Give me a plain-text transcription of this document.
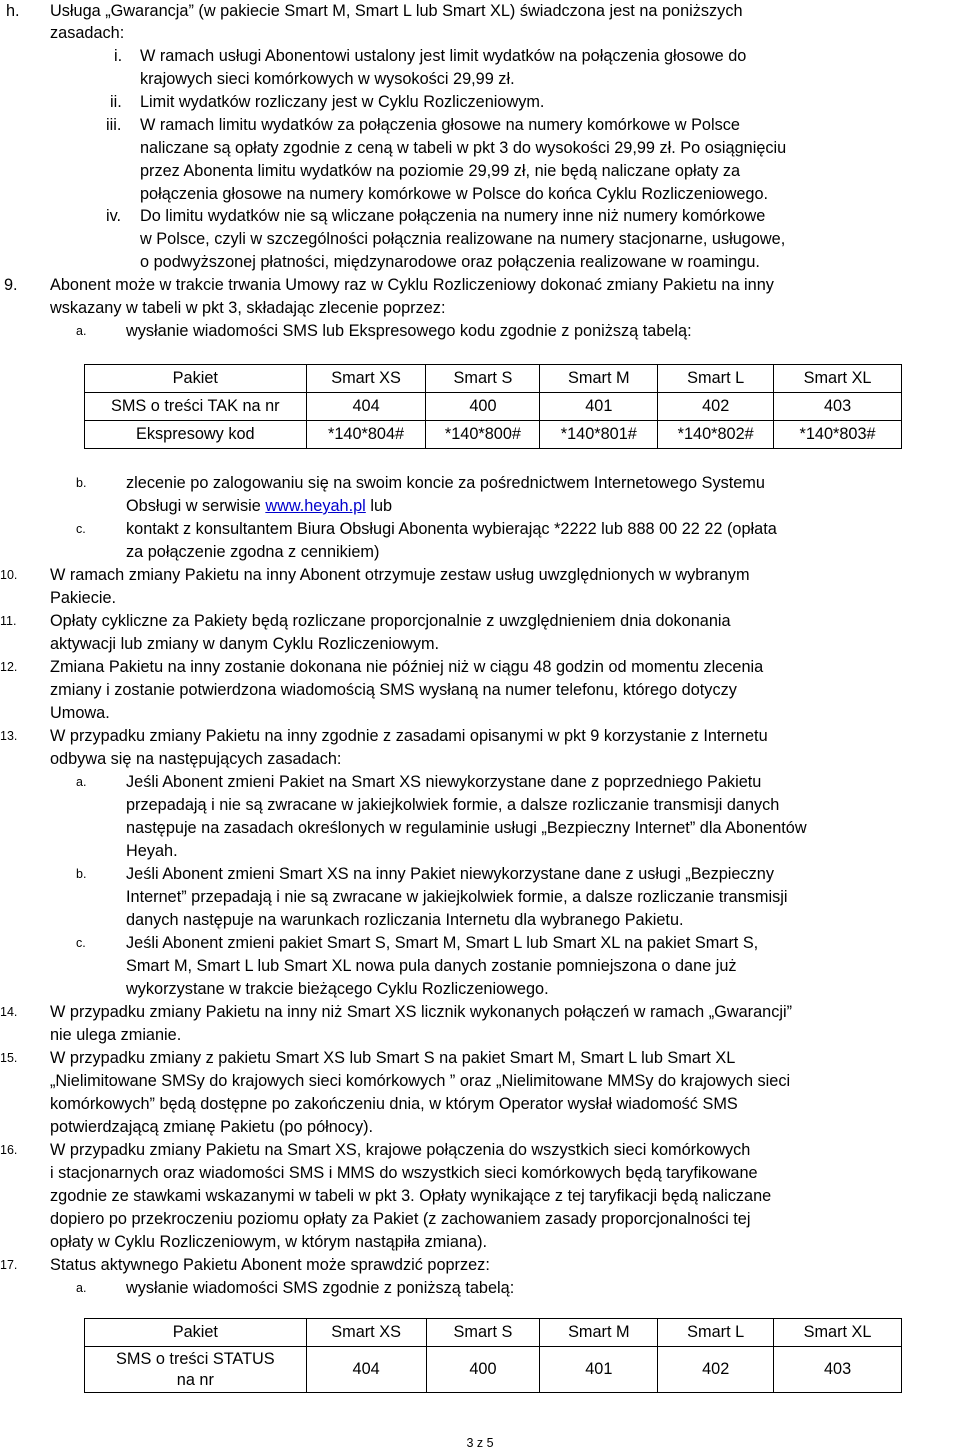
h. Usługa „Gwarancja” (w pakiecie Smart M, Smart L lub Smart XL) świadczona jest na poniższych
zasadach:
i. W ramach usługi Abonentowi ustalony jest limit wydatków na połączenia głosowe do
krajowych sieci komórkowych w wysokości 29,99 zł.
ii. Limit wydatków rozliczany jest w Cyklu Rozliczeniowym.
iii. W ramach limitu wydatków za połączenia głosowe na numery komórkowe w Polsce
naliczane są opłaty zgodnie z ceną w tabeli w pkt 3 do wysokości 29,99 zł. Po osiągnięciu
przez Abonenta limitu wydatków na poziomie 29,99 zł, nie będą naliczane opłaty za
połączenia głosowe na numery komórkowe w Polsce do końca Cyklu Rozliczeniowego.
iv. Do limitu wydatków nie są wliczane połączenia na numery inne niż numery komórkowe
w Polsce, czyli w szczególności połącznia realizowane na numery stacjonarne, usługowe,
o podwyższonej płatności, międzynarodowe oraz połączenia realizowane w roamingu.
9. Abonent może w trakcie trwania Umowy raz w Cyklu Rozliczeniowy dokonać zmiany Pakietu na inny
wskazany w tabeli w pkt 3, składając zlecenie poprzez:
a. wysłanie wiadomości SMS lub Ekspresowego kodu zgodnie z poniższą tabelą:
Pakiet	Smart XS	Smart S	Smart M	Smart L	Smart XL
SMS o treści TAK na nr	404	400	401	402	403
Ekspresowy kod	*140*804#	*140*800#	*140*801#	*140*802#	*140*803#
b. zlecenie po zalogowaniu się na swoim koncie za pośrednictwem Internetowego Systemu
Obsługi w serwisie www.heyah.pl lub
c. kontakt z konsultantem Biura Obsługi Abonenta wybierając *2222 lub 888 00 22 22 (opłata
za połączenie zgodna z cennikiem)
10. W ramach zmiany Pakietu na inny Abonent otrzymuje zestaw usług uwzględnionych w wybranym
Pakiecie.
11. Opłaty cykliczne za Pakiety będą rozliczane proporcjonalnie z uwzględnieniem dnia dokonania
aktywacji lub zmiany w danym Cyklu Rozliczeniowym.
12. Zmiana Pakietu na inny zostanie dokonana nie później niż w ciągu 48 godzin od momentu zlecenia
zmiany i zostanie potwierdzona wiadomością SMS wysłaną na numer telefonu, którego dotyczy
Umowa.
13. W przypadku zmiany Pakietu na inny zgodnie z zasadami opisanymi w pkt 9 korzystanie z Internetu
odbywa się na następujących zasadach:
a. Jeśli Abonent zmieni Pakiet na Smart XS niewykorzystane dane z poprzedniego Pakietu
przepadają i nie są zwracane w jakiejkolwiek formie, a dalsze rozliczanie transmisji danych
następuje na zasadach określonych w regulaminie usługi „Bezpieczny Internet” dla Abonentów
Heyah.
b. Jeśli Abonent zmieni Smart XS na inny Pakiet niewykorzystane dane z usługi „Bezpieczny
Internet” przepadają i nie są zwracane w jakiejkolwiek formie, a dalsze rozliczanie transmisji
danych następuje na warunkach rozliczania Internetu dla wybranego Pakietu.
c. Jeśli Abonent zmieni pakiet Smart S, Smart M, Smart L lub Smart XL na pakiet Smart S,
Smart M, Smart L lub Smart XL nowa pula danych zostanie pomniejszona o dane już
wykorzystane w trakcie bieżącego Cyklu Rozliczeniowego.
14. W przypadku zmiany Pakietu na inny niż Smart XS licznik wykonanych połączeń w ramach „Gwarancji”
nie ulega zmianie.
15. W przypadku zmiany z pakietu Smart XS lub Smart S na pakiet Smart M, Smart L lub Smart XL
„Nielimitowane SMSy do krajowych sieci komórkowych ” oraz „Nielimitowane MMSy do krajowych sieci
komórkowych” będą dostępne po zakończeniu dnia, w którym Operator wysłał wiadomość SMS
potwierdzającą zmianę Pakietu (po północy).
16. W przypadku zmiany Pakietu na Smart XS, krajowe połączenia do wszystkich sieci komórkowych
i stacjonarnych oraz wiadomości SMS i MMS do wszystkich sieci komórkowych będą taryfikowane
zgodnie ze stawkami wskazanymi w tabeli w pkt 3. Opłaty wynikające z tej taryfikacji będą naliczane
dopiero po przekroczeniu poziomu opłaty za Pakiet (z zachowaniem zasady proporcjonalności tej
opłaty w Cyklu Rozliczeniowym, w którym nastąpiła zmiana).
17. Status aktywnego Pakietu Abonent może sprawdzić poprzez:
a. wysłanie wiadomości SMS zgodnie z poniższą tabelą:
Pakiet	Smart XS	Smart S	Smart M	Smart L	Smart XL

SMS o treści STATUS
na nr	404	400	401	402	403
3 z 5
